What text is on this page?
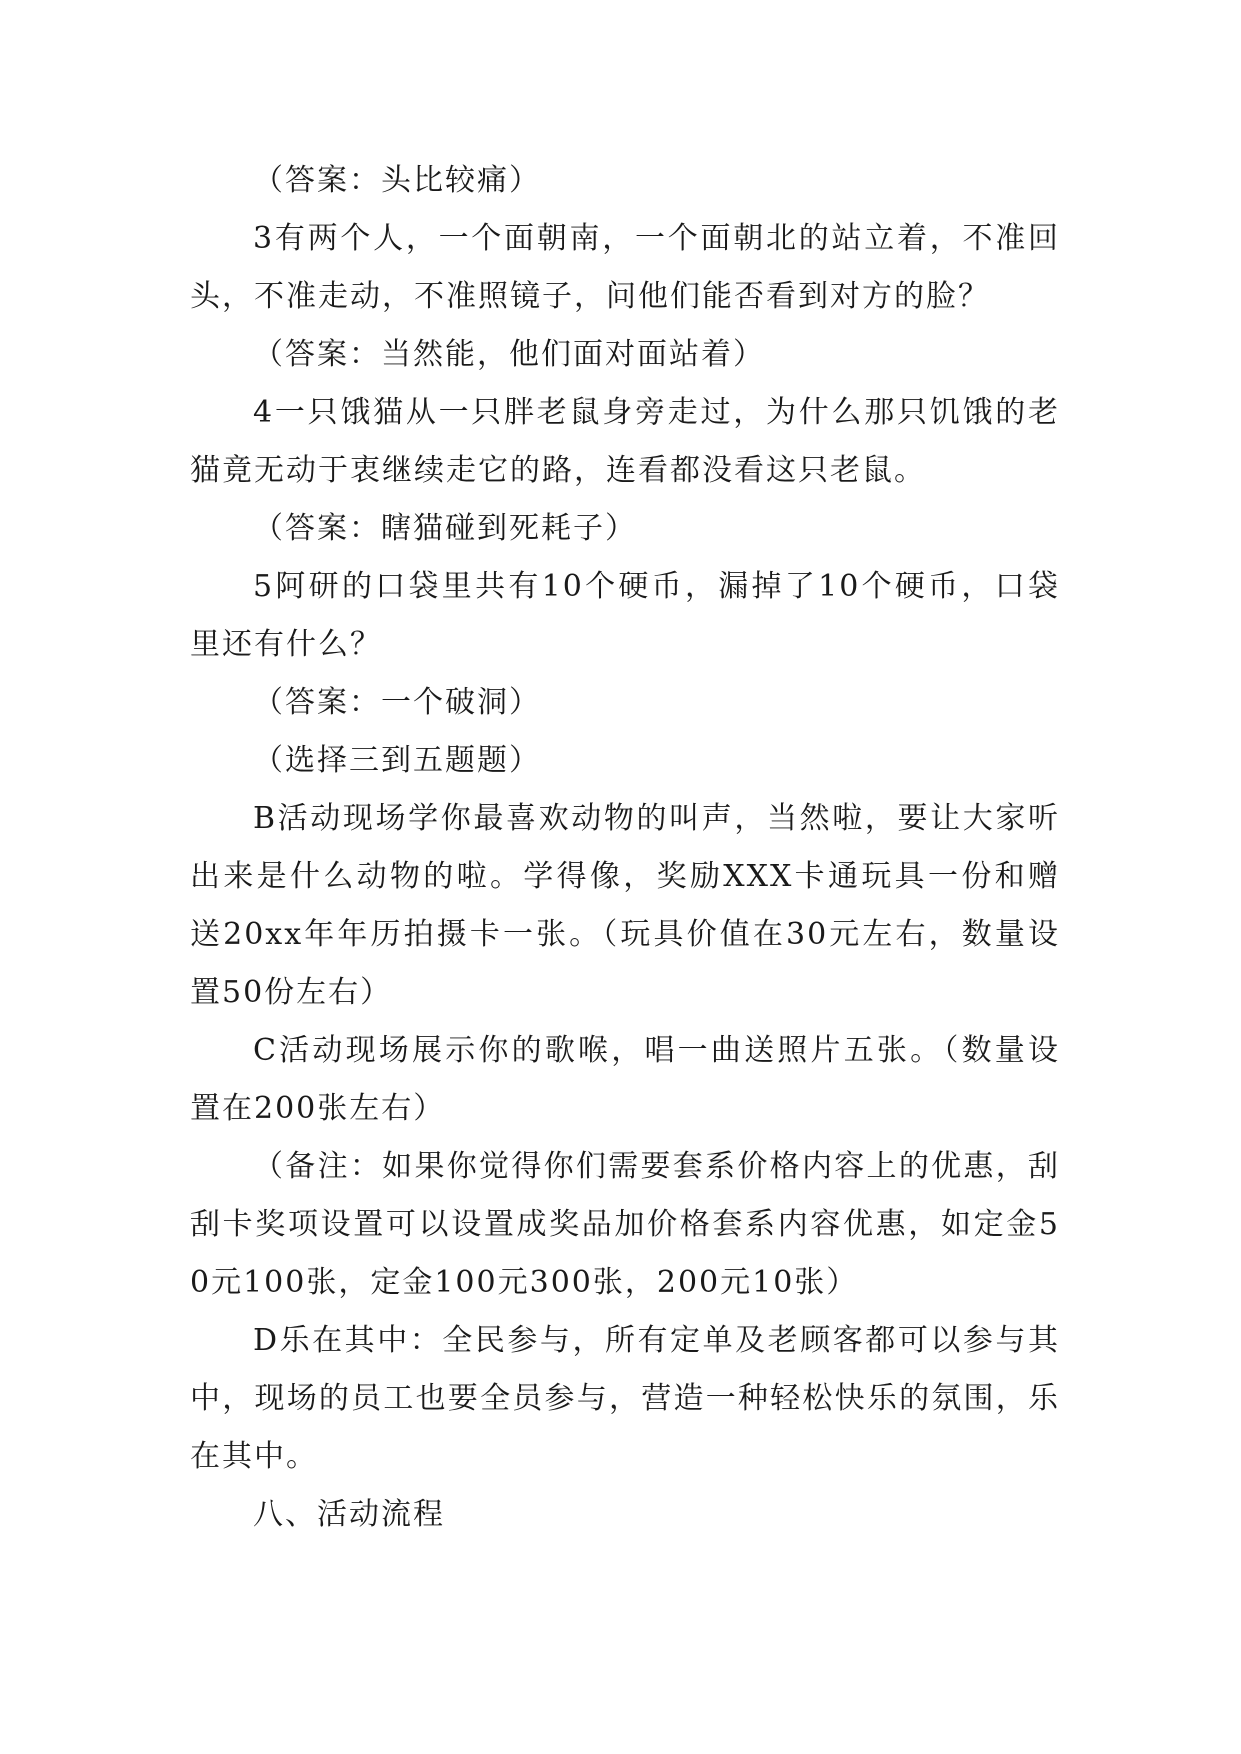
（答案：头比较痛）

3有两个人，一个面朝南，一个面朝北的站立着，不准回头，不准走动，不准照镜子，问他们能否看到对方的脸？

（答案：当然能，他们面对面站着）

4一只饿猫从一只胖老鼠身旁走过，为什么那只饥饿的老猫竟无动于衷继续走它的路，连看都没看这只老鼠。

（答案：瞎猫碰到死耗子）

5阿研的口袋里共有10个硬币，漏掉了10个硬币，口袋里还有什么？

（答案：一个破洞）

（选择三到五题题）

B活动现场学你最喜欢动物的叫声，当然啦，要让大家听出来是什么动物的啦。学得像，奖励XXX卡通玩具一份和赠送20xx年年历拍摄卡一张。（玩具价值在30元左右，数量设置50份左右）

C活动现场展示你的歌喉，唱一曲送照片五张。（数量设置在200张左右）

（备注：如果你觉得你们需要套系价格内容上的优惠，刮刮卡奖项设置可以设置成奖品加价格套系内容优惠，如定金50元100张，定金100元300张，200元10张）

D乐在其中：全民参与，所有定单及老顾客都可以参与其中，现场的员工也要全员参与，营造一种轻松快乐的氛围，乐在其中。

八、活动流程
